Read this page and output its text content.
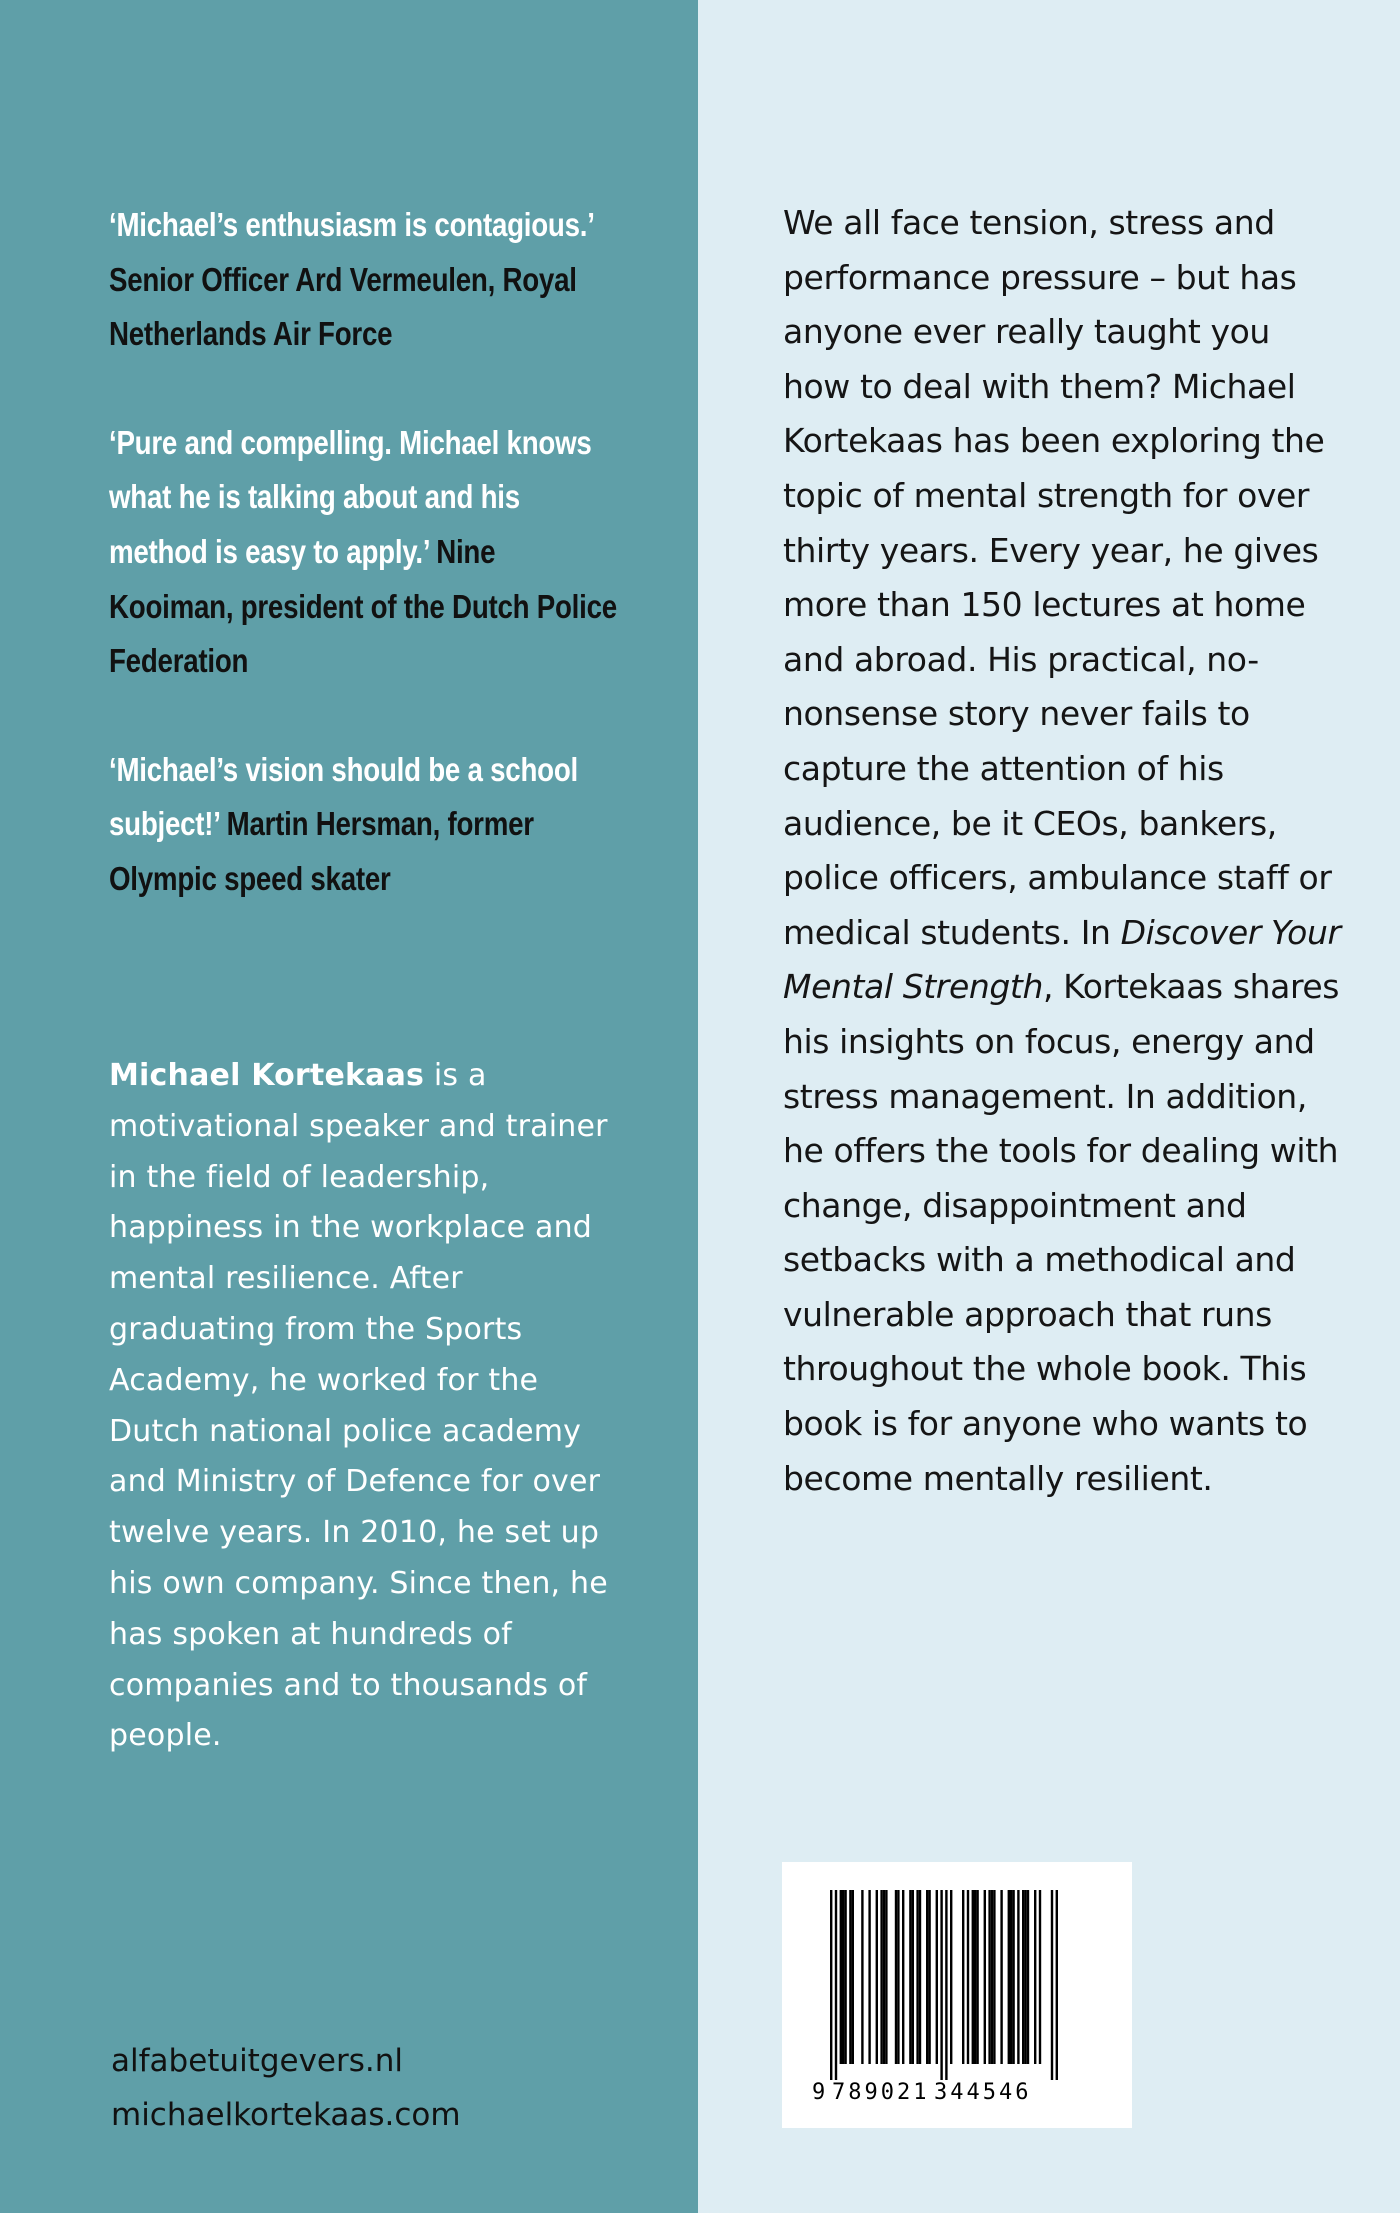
‘Michael’s enthusiasm is contagious.’ Senior Officer Ard Vermeulen, Royal Netherlands Air Force
‘Pure and compelling. Michael knows what he is talking about and his method is easy to apply.’ Nine Kooiman, president of the Dutch Police Federation
‘Michael’s vision should be a school subject!’ Martin Hersman, former Olympic speed skater
Michael Kortekaas is a motivational speaker and trainer in the field of leadership, happiness in the workplace and mental resilience. After graduating from the Sports Academy, he worked for the Dutch national police academy and Ministry of Defence for over twelve years. In 2010, he set up his own company. Since then, he has spoken at hundreds of companies and to thousands of people.
alfabetuitgevers.nl
michaelkortekaas.com
We all face tension, stress and performance pressure – but has anyone ever really taught you how to deal with them? Michael Kortekaas has been exploring the topic of mental strength for over thirty years. Every year, he gives more than 150 lectures at home and abroad. His practical, no-nonsense story never fails to capture the attention of his audience, be it CEOs, bankers, police officers, ambulance staff or medical students. In Discover Your Mental Strength, Kortekaas shares his insights on focus, energy and stress management. In addition, he offers the tools for dealing with change, disappointment and setbacks with a methodical and vulnerable approach that runs throughout the whole book. This book is for anyone who wants to become mentally resilient.
9 789021 344546
